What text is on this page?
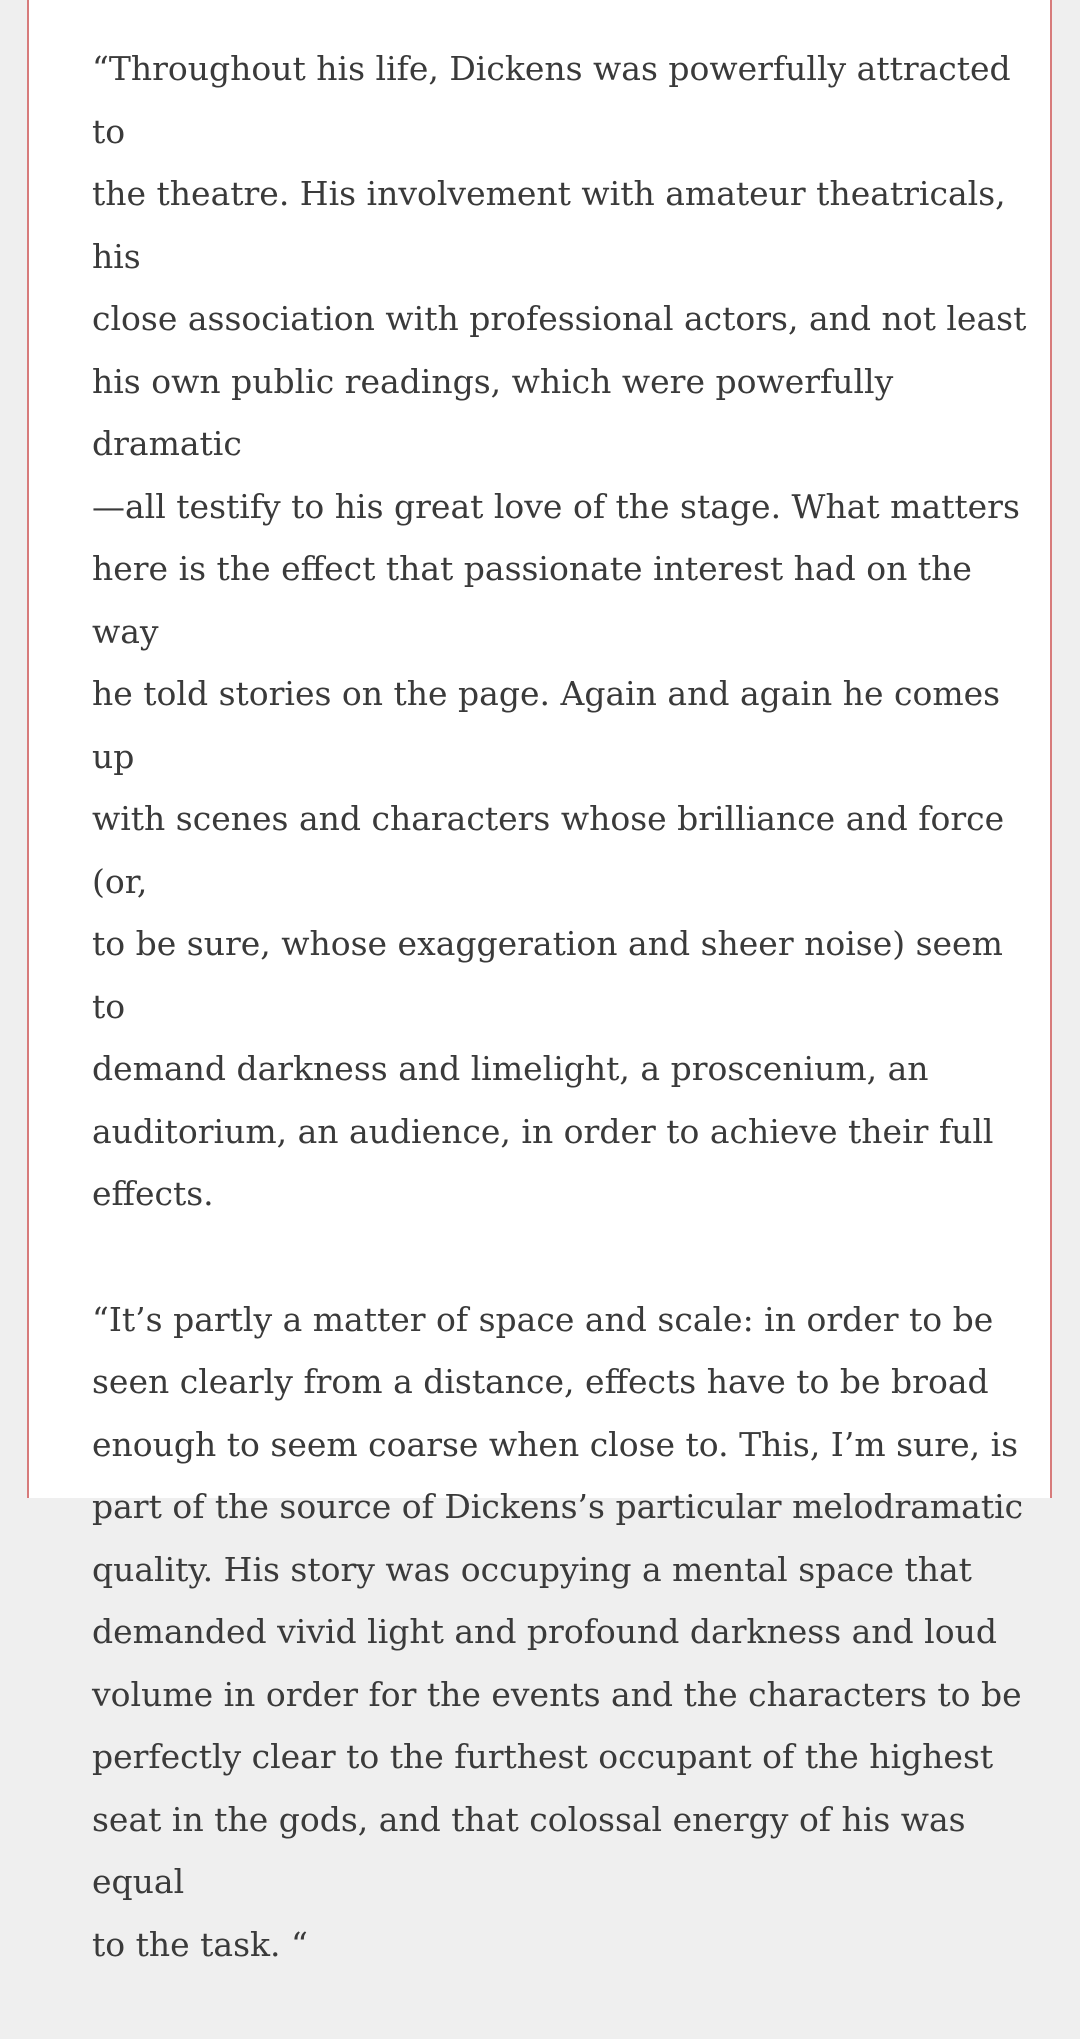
“Throughout his life, Dickens was powerfully attracted to
the theatre. His involvement with amateur theatricals, his
close association with professional actors, and not least
his own public readings, which were powerfully dramatic
—all testify to his great love of the stage. What matters
here is the effect that passionate interest had on the way
he told stories on the page. Again and again he comes up
with scenes and characters whose brilliance and force (or,
to be sure, whose exaggeration and sheer noise) seem to
demand darkness and limelight, a proscenium, an
auditorium, an audience, in order to achieve their full
effects.

“It’s partly a matter of space and scale: in order to be
seen clearly from a distance, effects have to be broad
enough to seem coarse when close to. This, I’m sure, is
part of the source of Dickens’s particular melodramatic
quality. His story was occupying a mental space that
demanded vivid light and profound darkness and loud
volume in order for the events and the characters to be
perfectly clear to the furthest occupant of the highest
seat in the gods, and that colossal energy of his was equal
to the task. “
